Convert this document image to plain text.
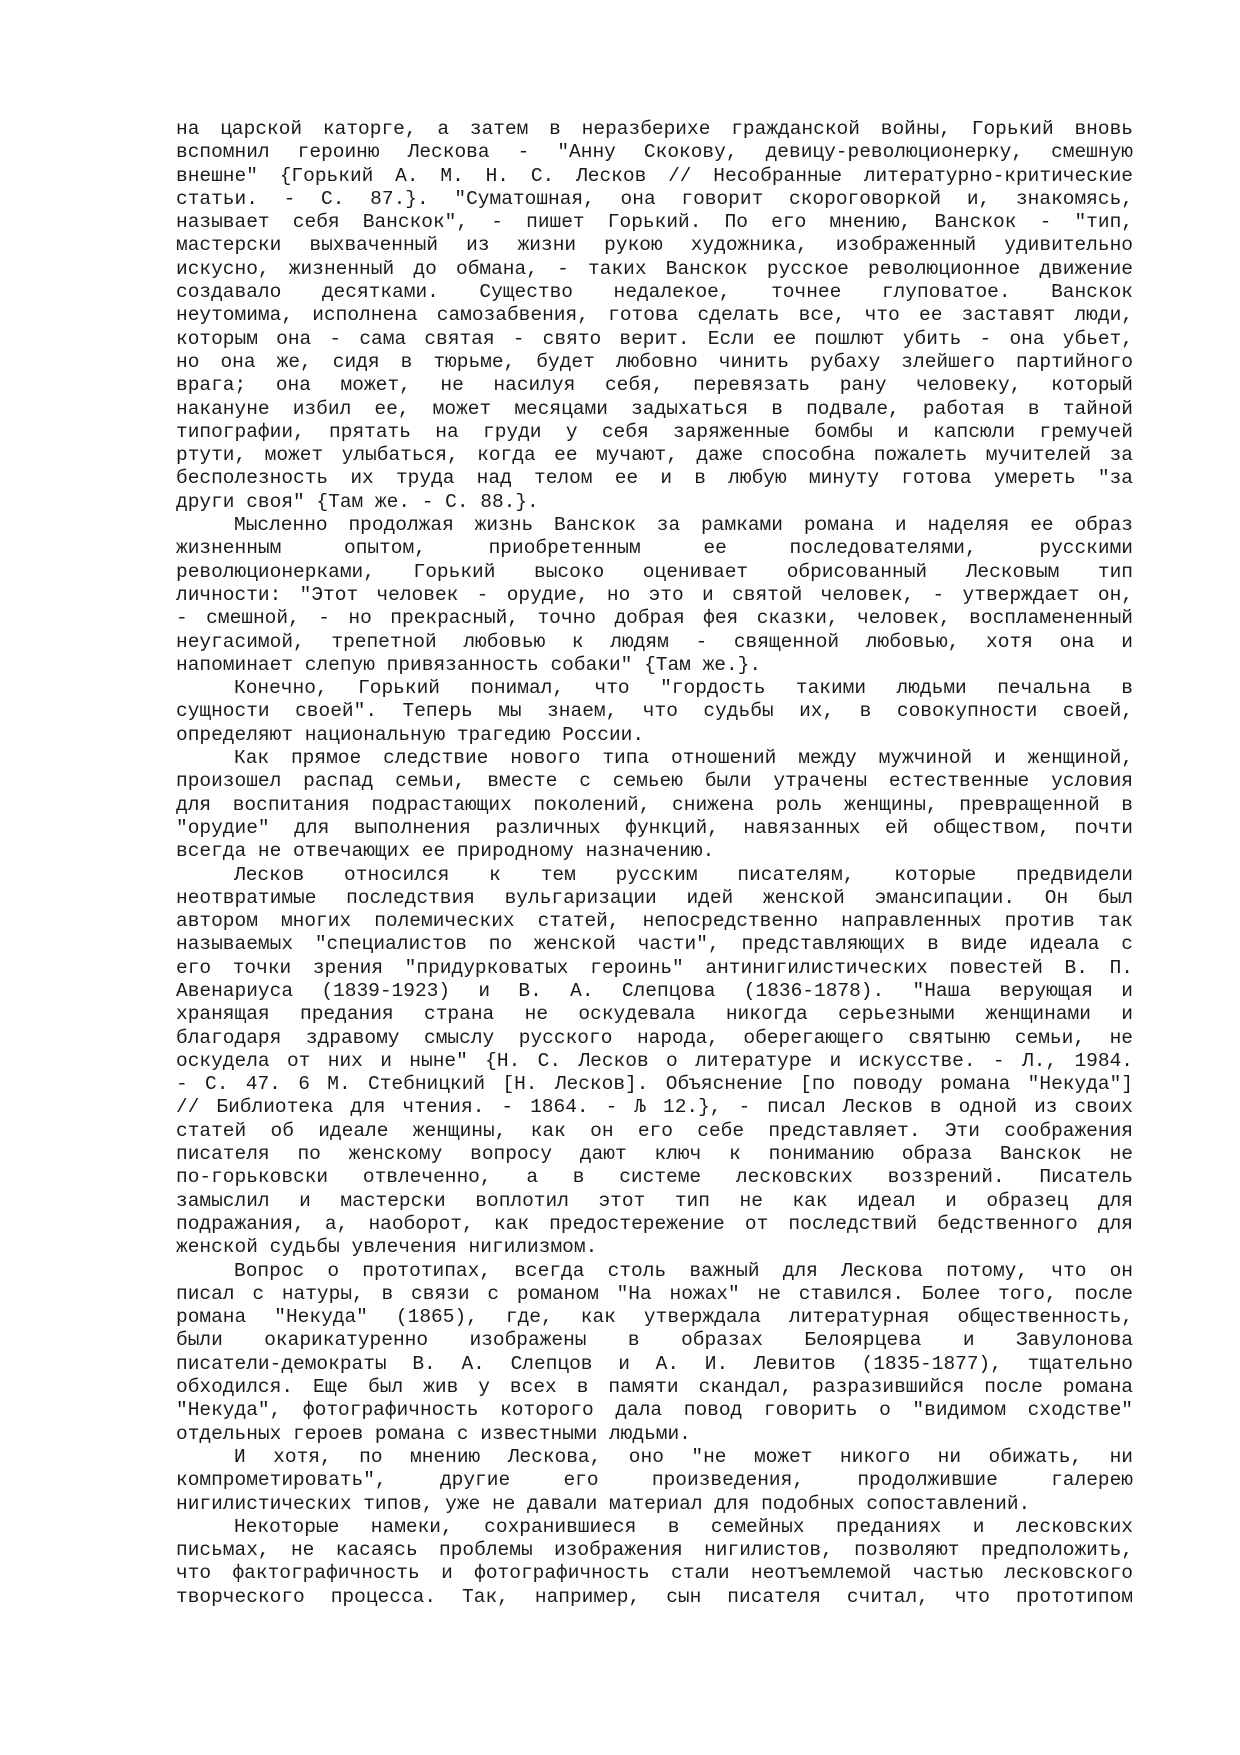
на царской каторге, а затем в неразберихе гражданской войны, Горький вновь
вспомнил героиню Лескова - "Анну Скокову, девицу-революционерку, смешную
внешне" {Горький А. М. Н. С. Лесков // Несобранные литературно-критические
статьи. - С. 87.}. "Суматошная, она говорит скороговоркой и, знакомясь,
называет себя Ванскок", - пишет Горький. По его мнению, Ванскок - "тип,
мастерски выхваченный из жизни рукою художника, изображенный удивительно
искусно, жизненный до обмана, - таких Ванскок русское революционное движение
создавало десятками. Существо недалекое, точнее глуповатое. Ванскок
неутомима, исполнена самозабвения, готова сделать все, что ее заставят люди,
которым она - сама святая - свято верит. Если ее пошлют убить - она убьет,
но она же, сидя в тюрьме, будет любовно чинить рубаху злейшего партийного
врага; она может, не насилуя себя, перевязать рану человеку, который
накануне избил ее, может месяцами задыхаться в подвале, работая в тайной
типографии, прятать на груди у себя заряженные бомбы и капсюли гремучей
ртути, может улыбаться, когда ее мучают, даже способна пожалеть мучителей за
бесполезность их труда над телом ее и в любую минуту готова умереть "за
други своя" {Там же. - С. 88.}.
Мысленно продолжая жизнь Ванскок за рамками романа и наделяя ее образ
жизненным опытом, приобретенным ее последователями, русскими
революционерками, Горький высоко оценивает обрисованный Лесковым тип
личности: "Этот человек - орудие, но это и святой человек, - утверждает он,
- смешной, - но прекрасный, точно добрая фея сказки, человек, воспламененный
неугасимой, трепетной любовью к людям - священной любовью, хотя она и
напоминает слепую привязанность собаки" {Там же.}.
Конечно, Горький понимал, что "гордость такими людьми печальна в
сущности своей". Теперь мы знаем, что судьбы их, в совокупности своей,
определяют национальную трагедию России.
Как прямое следствие нового типа отношений между мужчиной и женщиной,
произошел распад семьи, вместе с семьею были утрачены естественные условия
для воспитания подрастающих поколений, снижена роль женщины, превращенной в
"орудие" для выполнения различных функций, навязанных ей обществом, почти
всегда не отвечающих ее природному назначению.
Лесков относился к тем русским писателям, которые предвидели
неотвратимые последствия вульгаризации идей женской эмансипации. Он был
автором многих полемических статей, непосредственно направленных против так
называемых "специалистов по женской части", представляющих в виде идеала с
его точки зрения "придурковатых героинь" антинигилистических повестей В. П.
Авенариуса (1839-1923) и В. А. Слепцова (1836-1878). "Наша верующая и
хранящая предания страна не оскудевала никогда серьезными женщинами и
благодаря здравому смыслу русского народа, оберегающего святыню семьи, не
оскудела от них и ныне" {Н. С. Лесков о литературе и искусстве. - Л., 1984.
- С. 47. 6 М. Стебницкий [Н. Лесков]. Объяснение [по поводу романа "Некуда"]
// Библиотека для чтения. - 1864. - Љ 12.}, - писал Лесков в одной из своих
статей об идеале женщины, как он его себе представляет. Эти соображения
писателя по женскому вопросу дают ключ к пониманию образа Ванскок не
по-горьковски отвлеченно, а в системе лесковских воззрений. Писатель
замыслил и мастерски воплотил этот тип не как идеал и образец для
подражания, а, наоборот, как предостережение от последствий бедственного для
женской судьбы увлечения нигилизмом.
Вопрос о прототипах, всегда столь важный для Лескова потому, что он
писал с натуры, в связи с романом "На ножах" не ставился. Более того, после
романа "Некуда" (1865), где, как утверждала литературная общественность,
были окарикатуренно изображены в образах Белоярцева и Завулонова
писатели-демократы В. А. Слепцов и А. И. Левитов (1835-1877), тщательно
обходился. Еще был жив у всех в памяти скандал, разразившийся после романа
"Некуда", фотографичность которого дала повод говорить о "видимом сходстве"
отдельных героев романа с известными людьми.
И хотя, по мнению Лескова, оно "не может никого ни обижать, ни
компрометировать", другие его произведения, продолжившие галерею
нигилистических типов, уже не давали материал для подобных сопоставлений.
Некоторые намеки, сохранившиеся в семейных преданиях и лесковских
письмах, не касаясь проблемы изображения нигилистов, позволяют предположить,
что фактографичность и фотографичность стали неотъемлемой частью лесковского
творческого процесса. Так, например, сын писателя считал, что прототипом
